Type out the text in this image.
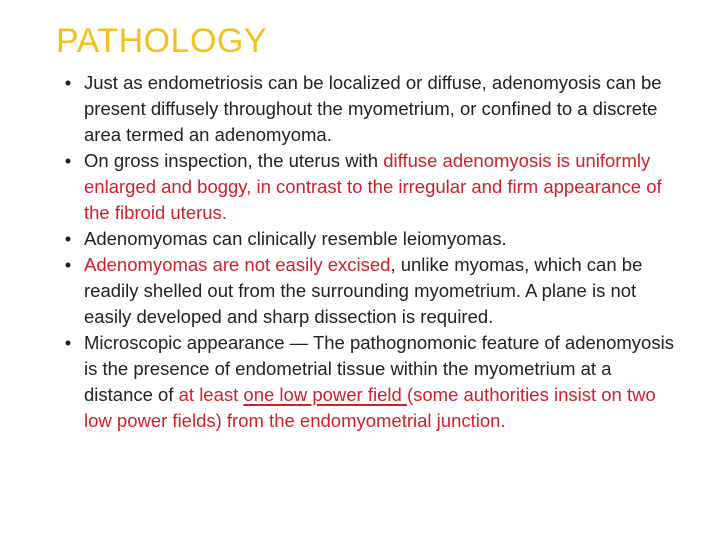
PATHOLOGY
• Just as endometriosis can be localized or diffuse, adenomyosis can be present diffusely throughout the myometrium, or confined to a discrete area termed an adenomyoma.
• On gross inspection, the uterus with diffuse adenomyosis is uniformly enlarged and boggy, in contrast to the irregular and firm appearance of the fibroid uterus.
• Adenomyomas can clinically resemble leiomyomas.
• Adenomyomas are not easily excised, unlike myomas, which can be readily shelled out from the surrounding myometrium. A plane is not easily developed and sharp dissection is required.
• Microscopic appearance — The pathognomonic feature of adenomyosis is the presence of endometrial tissue within the myometrium at a distance of at least one low power field (some authorities insist on two low power fields) from the endomyometrial junction.
